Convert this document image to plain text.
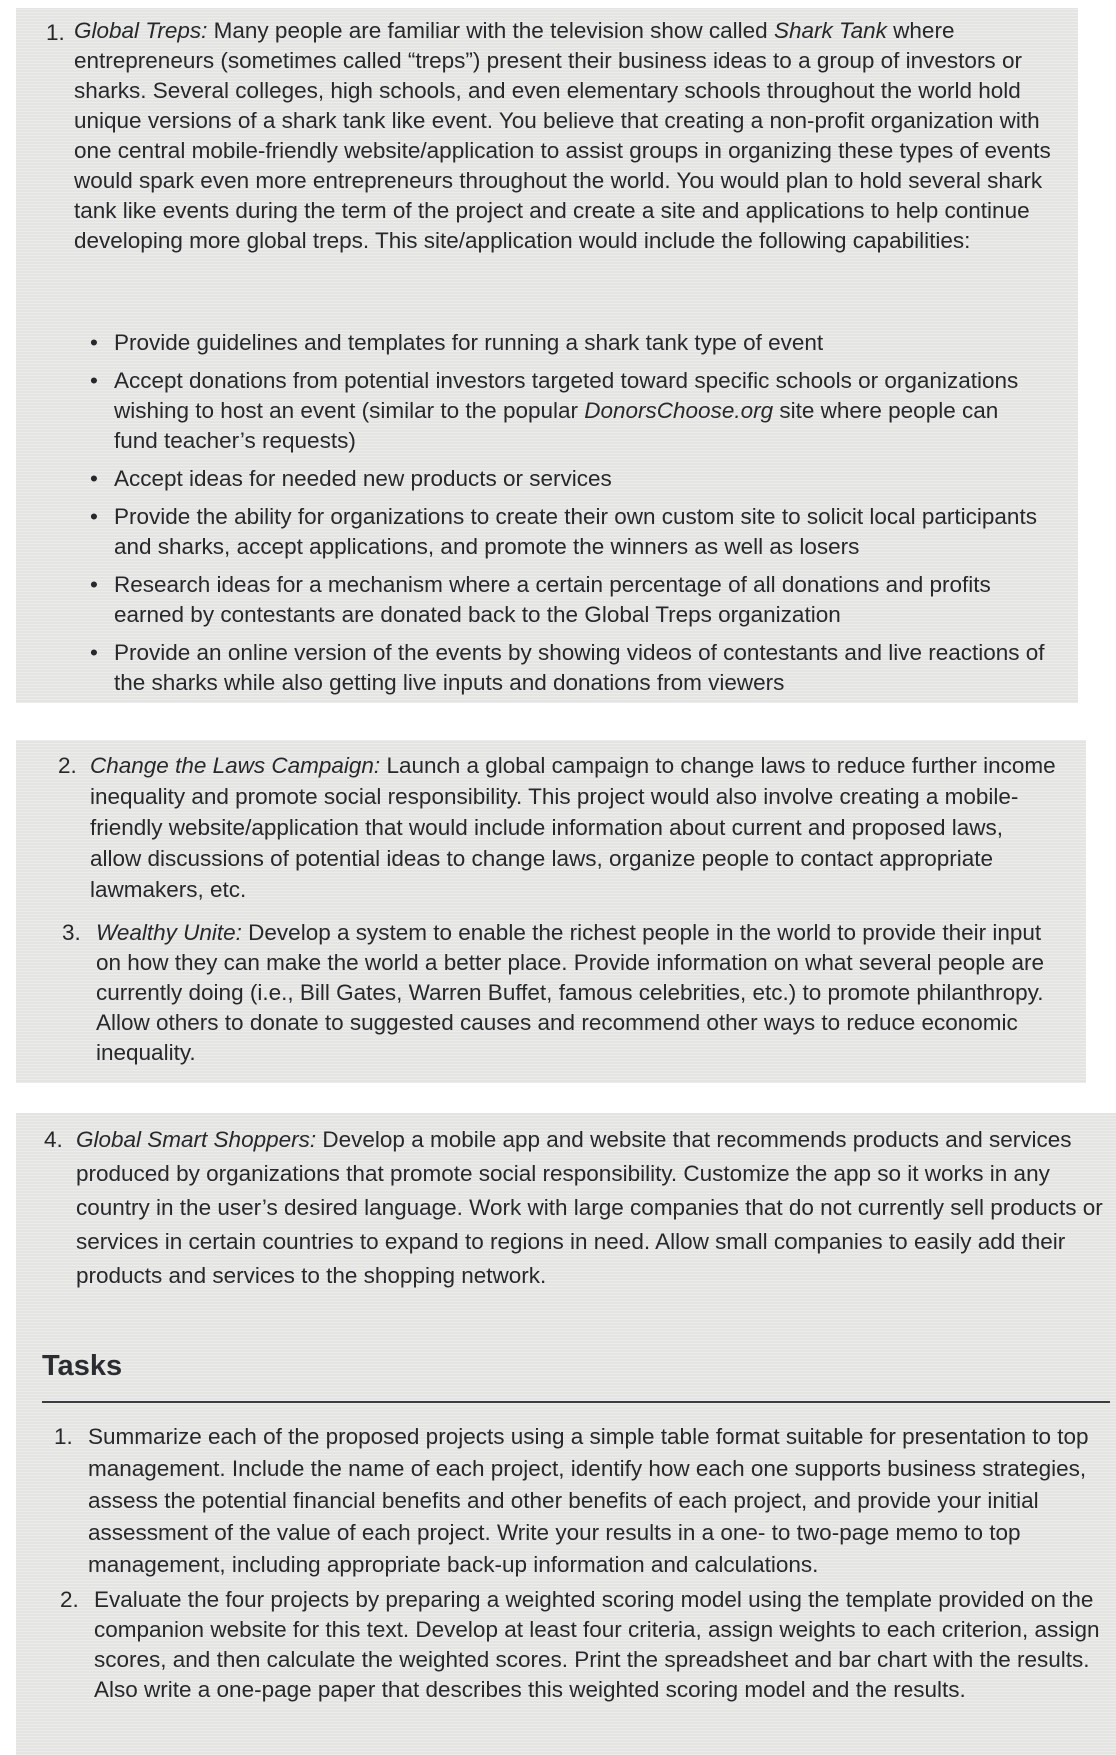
1. Global Treps: Many people are familiar with the television show called Shark Tank where entrepreneurs (sometimes called “treps”) present their business ideas to a group of investors or sharks. Several colleges, high schools, and even elementary schools throughout the world hold unique versions of a shark tank like event. You believe that creating a non-profit organization with one central mobile-friendly website/application to assist groups in organizing these types of events would spark even more entrepreneurs throughout the world. You would plan to hold several shark tank like events during the term of the project and create a site and applications to help continue developing more global treps. This site/application would include the following capabilities:
• Provide guidelines and templates for running a shark tank type of event
• Accept donations from potential investors targeted toward specific schools or organizations wishing to host an event (similar to the popular DonorsChoose.org site where people can fund teacher’s requests)
• Accept ideas for needed new products or services
• Provide the ability for organizations to create their own custom site to solicit local participants and sharks, accept applications, and promote the winners as well as losers
• Research ideas for a mechanism where a certain percentage of all donations and profits earned by contestants are donated back to the Global Treps organization
• Provide an online version of the events by showing videos of contestants and live reactions of the sharks while also getting live inputs and donations from viewers
2. Change the Laws Campaign: Launch a global campaign to change laws to reduce further income inequality and promote social responsibility. This project would also involve creating a mobile-friendly website/application that would include information about current and proposed laws, allow discussions of potential ideas to change laws, organize people to contact appropriate lawmakers, etc.
3. Wealthy Unite: Develop a system to enable the richest people in the world to provide their input on how they can make the world a better place. Provide information on what several people are currently doing (i.e., Bill Gates, Warren Buffet, famous celebrities, etc.) to promote philanthropy. Allow others to donate to suggested causes and recommend other ways to reduce economic inequality.
4. Global Smart Shoppers: Develop a mobile app and website that recommends products and services produced by organizations that promote social responsibility. Customize the app so it works in any country in the user’s desired language. Work with large companies that do not currently sell products or services in certain countries to expand to regions in need. Allow small companies to easily add their products and services to the shopping network.
Tasks
1. Summarize each of the proposed projects using a simple table format suitable for presentation to top management. Include the name of each project, identify how each one supports business strategies, assess the potential financial benefits and other benefits of each project, and provide your initial assessment of the value of each project. Write your results in a one- to two-page memo to top management, including appropriate back-up information and calculations.
2. Evaluate the four projects by preparing a weighted scoring model using the template provided on the companion website for this text. Develop at least four criteria, assign weights to each criterion, assign scores, and then calculate the weighted scores. Print the spreadsheet and bar chart with the results. Also write a one-page paper that describes this weighted scoring model and the results.
